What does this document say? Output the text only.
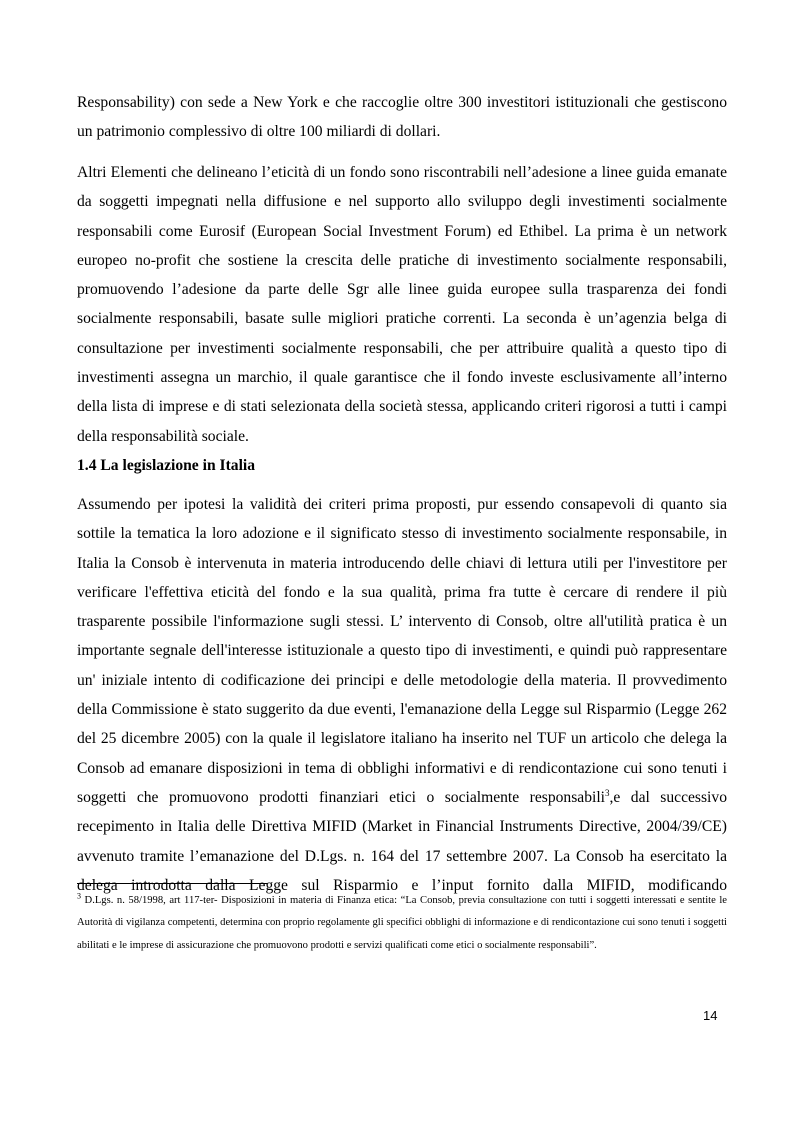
Responsability) con sede a New York e che raccoglie oltre 300 investitori istituzionali che gestiscono un patrimonio complessivo di oltre 100 miliardi di dollari.

Altri Elementi che delineano l’eticità di un fondo sono riscontrabili nell’adesione a linee guida emanate da soggetti impegnati nella diffusione e nel supporto allo sviluppo degli investimenti socialmente responsabili come Eurosif (European Social Investment Forum) ed Ethibel. La prima è un network europeo no-profit che sostiene la crescita delle pratiche di investimento socialmente responsabili, promuovendo l’adesione da parte delle Sgr alle linee guida europee sulla trasparenza dei fondi socialmente responsabili, basate sulle migliori pratiche correnti. La seconda è un’agenzia belga di consultazione per investimenti socialmente responsabili, che per attribuire qualità a questo tipo di investimenti assegna un marchio, il quale garantisce che il fondo investe esclusivamente all’interno della lista di imprese e di stati selezionata della società stessa, applicando criteri rigorosi a tutti i campi della responsabilità sociale.

1.4 La legislazione in Italia

Assumendo per ipotesi la validità dei criteri prima proposti, pur essendo consapevoli di quanto sia sottile la tematica la loro adozione e il significato stesso di investimento socialmente responsabile, in Italia la Consob è intervenuta in materia introducendo delle chiavi di lettura utili per l'investitore per verificare l'effettiva eticità del fondo e la sua qualità, prima fra tutte è cercare di rendere il più trasparente possibile l'informazione sugli stessi. L’ intervento di Consob, oltre all'utilità pratica è un importante segnale dell'interesse istituzionale a questo tipo di investimenti, e quindi può rappresentare un' iniziale intento di codificazione dei principi e delle metodologie della materia. Il provvedimento della Commissione è stato suggerito da due eventi, l'emanazione della Legge sul Risparmio (Legge 262 del 25 dicembre 2005) con la quale il legislatore italiano ha inserito nel TUF un articolo che delega la Consob ad emanare disposizioni in tema di obblighi informativi e di rendicontazione cui sono tenuti i soggetti che promuovono prodotti finanziari etici o socialmente responsabili$^3$,e dal successivo recepimento in Italia delle Direttiva MIFID (Market in Financial Instruments Directive, 2004/39/CE) avvenuto tramite l’emanazione del D.Lgs. n. 164 del 17 settembre 2007. La Consob ha esercitato la delega introdotta dalla Legge sul Risparmio e l’input fornito dalla MIFID, modificando

$^3$ D.Lgs. n. 58/1998, art 117-ter- Disposizioni in materia di Finanza etica: “La Consob, previa consultazione con tutti i soggetti interessati e sentite le Autorità di vigilanza competenti, determina con proprio regolamente gli specifici obblighi di informazione e di rendicontazione cui sono tenuti i soggetti abilitati e le imprese di assicurazione che promuovono prodotti e servizi qualificati come etici o socialmente responsabili”.

14
